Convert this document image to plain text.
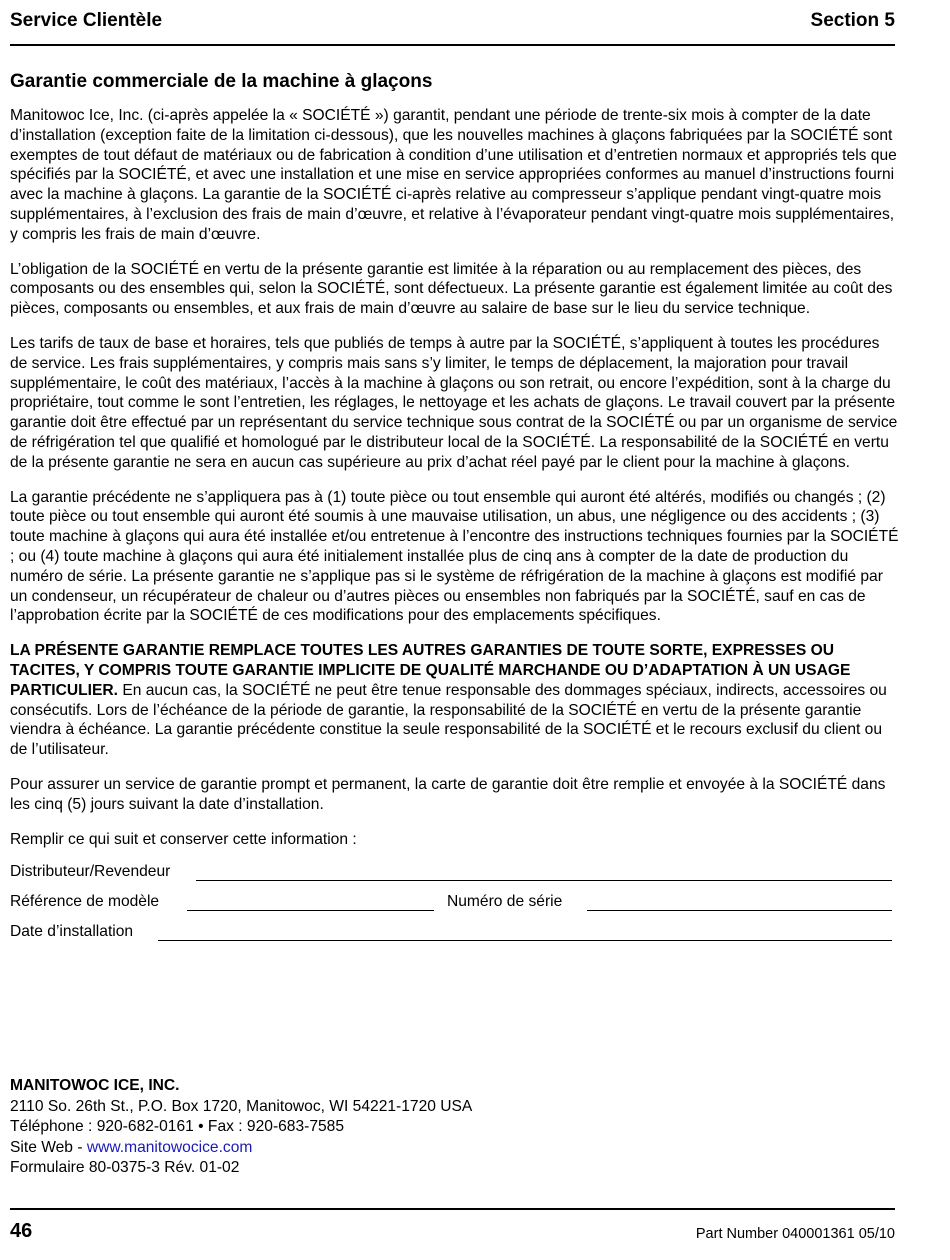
Service Clientèle	Section 5
Garantie commerciale de la machine à glaçons

Manitowoc Ice, Inc. (ci-après appelée la « SOCIÉTÉ ») garantit, pendant une période de trente-six mois à compter de la date d’installation (exception faite de la limitation ci-dessous), que les nouvelles machines à glaçons fabriquées par la SOCIÉTÉ sont exemptes de tout défaut de matériaux ou de fabrication à condition d’une utilisation et d’entretien normaux et appropriés tels que spécifiés par la SOCIÉTÉ, et avec une installation et une mise en service appropriées conformes au manuel d’instructions fourni avec la machine à glaçons. La garantie de la SOCIÉTÉ ci-après relative au compresseur s’applique pendant vingt-quatre mois supplémentaires, à l’exclusion des frais de main d’œuvre, et relative à l’évaporateur pendant vingt-quatre mois supplémentaires, y compris les frais de main d’œuvre.

L’obligation de la SOCIÉTÉ en vertu de la présente garantie est limitée à la réparation ou au remplacement des pièces, des composants ou des ensembles qui, selon la SOCIÉTÉ, sont défectueux. La présente garantie est également limitée au coût des pièces, composants ou ensembles, et aux frais de main d’œuvre au salaire de base sur le lieu du service technique.

Les tarifs de taux de base et horaires, tels que publiés de temps à autre par la SOCIÉTÉ, s’appliquent à toutes les procédures de service. Les frais supplémentaires, y compris mais sans s’y limiter, le temps de déplacement, la majoration pour travail supplémentaire, le coût des matériaux, l’accès à la machine à glaçons ou son retrait, ou encore l’expédition, sont à la charge du propriétaire, tout comme le sont l’entretien, les réglages, le nettoyage et les achats de glaçons. Le travail couvert par la présente garantie doit être effectué par un représentant du service technique sous contrat de la SOCIÉTÉ ou par un organisme de service de réfrigération tel que qualifié et homologué par le distributeur local de la SOCIÉTÉ. La responsabilité de la SOCIÉTÉ en vertu de la présente garantie ne sera en aucun cas supérieure au prix d’achat réel payé par le client pour la machine à glaçons.

La garantie précédente ne s’appliquera pas à (1) toute pièce ou tout ensemble qui auront été altérés, modifiés ou changés ; (2) toute pièce ou tout ensemble qui auront été soumis à une mauvaise utilisation, un abus, une négligence ou des accidents ; (3) toute machine à glaçons qui aura été installée et/ou entretenue à l’encontre des instructions techniques fournies par la SOCIÉTÉ ; ou (4) toute machine à glaçons qui aura été initialement installée plus de cinq ans à compter de la date de production du numéro de série. La présente garantie ne s’applique pas si le système de réfrigération de la machine à glaçons est modifié par un condenseur, un récupérateur de chaleur ou d’autres pièces ou ensembles non fabriqués par la SOCIÉTÉ, sauf en cas de l’approbation écrite par la SOCIÉTÉ de ces modifications pour des emplacements spécifiques.

LA PRÉSENTE GARANTIE REMPLACE TOUTES LES AUTRES GARANTIES DE TOUTE SORTE, EXPRESSES OU TACITES, Y COMPRIS TOUTE GARANTIE IMPLICITE DE QUALITÉ MARCHANDE OU D’ADAPTATION À UN USAGE PARTICULIER. En aucun cas, la SOCIÉTÉ ne peut être tenue responsable des dommages spéciaux, indirects, accessoires ou consécutifs. Lors de l’échéance de la période de garantie, la responsabilité de la SOCIÉTÉ en vertu de la présente garantie viendra à échéance. La garantie précédente constitue la seule responsabilité de la SOCIÉTÉ et le recours exclusif du client ou de l’utilisateur.

Pour assurer un service de garantie prompt et permanent, la carte de garantie doit être remplie et envoyée à la SOCIÉTÉ dans les cinq (5) jours suivant la date d’installation.

Remplir ce qui suit et conserver cette information :

Distributeur/Revendeur
Référence de modèle	Numéro de série
Date d’installation
MANITOWOC ICE, INC.
2110 So. 26th St., P.O. Box 1720, Manitowoc, WI 54221-1720 USA
Téléphone : 920-682-0161 • Fax : 920-683-7585
Site Web - www.manitowocice.com
Formulaire 80-0375-3 Rév. 01-02
46	Part Number 040001361 05/10
